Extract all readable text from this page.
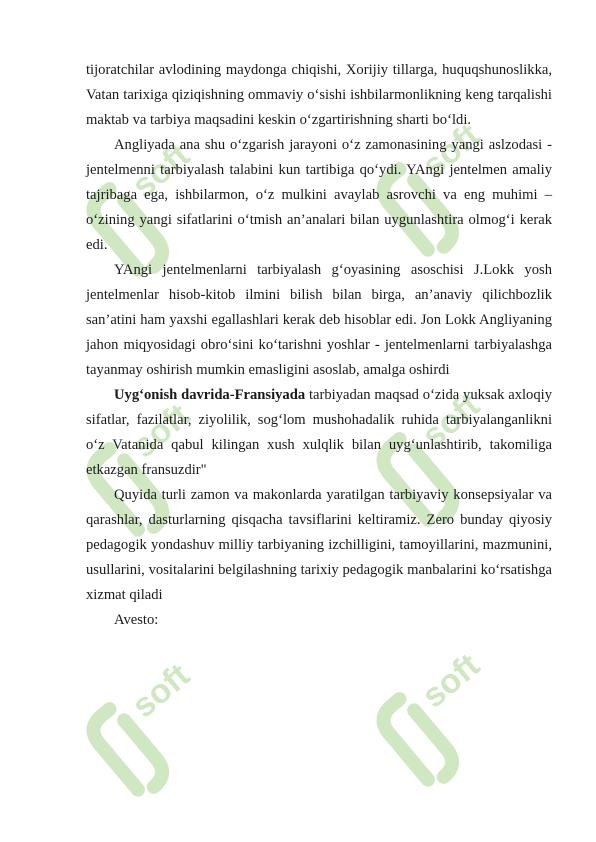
soft	soft
soft	soft
soft	soft

tijoratchilar avlodining maydonga chiqishi, Xorijiy tillarga, huquqshunoslikka, Vatan tarixiga qiziqishning ommaviy o‘sishi ishbilarmonlikning keng tarqalishi maktab va tarbiya maqsadini keskin o‘zgartirishning sharti bo‘ldi.

Angliyada ana shu o‘zgarish jarayoni o‘z zamonasining yangi aslzodasi -jentelmenni tarbiyalash talabini kun tartibiga qo‘ydi. YAngi jentelmen amaliy tajribaga ega, ishbilarmon, o‘z mulkini avaylab asrovchi va eng muhimi – o‘zining yangi sifatlarini o‘tmish an’analari bilan uygunlashtira olmog‘i kerak edi.

YAngi jentelmenlarni tarbiyalash g‘oyasining asoschisi J.Lokk yosh jentelmenlar hisob-kitob ilmini bilish bilan birga, an’anaviy qilichbozlik san’atini ham yaxshi egallashlari kerak deb hisoblar edi. Jon Lokk Angliyaning jahon miqyosidagi obro‘sini ko‘tarishni yoshlar - jentelmenlarni tarbiyalashga tayanmay oshirish mumkin emasligini asoslab, amalga oshirdi

Uyg‘onish davrida-Fransiyada tarbiyadan maqsad o‘zida yuksak axloqiy sifatlar, fazilatlar, ziyolilik, sog‘lom mushohadalik ruhida tarbiyalanganlikni o‘z Vatanida qabul kilingan xush xulqlik bilan uyg‘unlashtirib, takomiliga etkazgan fransuzdir"

Quyida turli zamon va makonlarda yaratilgan tarbiyaviy konsepsiyalar va qarashlar, dasturlarning qisqacha tavsiflarini keltiramiz. Zero bunday qiyosiy pedagogik yondashuv milliy tarbiyaning izchilligini, tamoyillarini, mazmunini, usullarini, vositalarini belgilashning tarixiy pedagogik manbalarini ko‘rsatishga xizmat qiladi

Avesto:
